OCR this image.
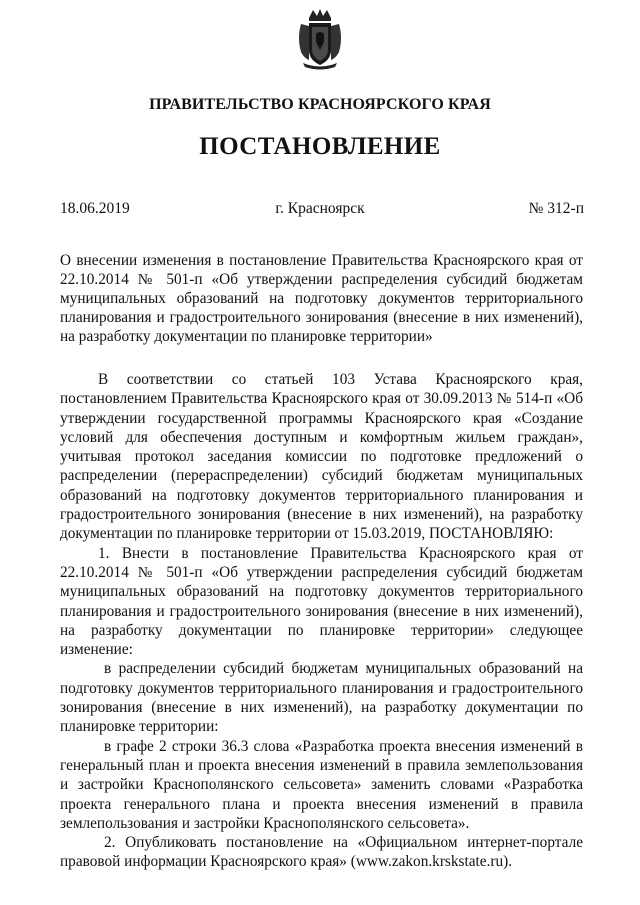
ПРАВИТЕЛЬСТВО КРАСНОЯРСКОГО КРАЯ
ПОСТАНОВЛЕНИЕ
18.06.2019	г. Красноярск	№ 312-п
О внесении изменения в постановление Правительства Красноярского края от 22.10.2014 № 501-п «Об утверждении распределения субсидий бюджетам муниципальных образований на подготовку документов территориального планирования и градостроительного зонирования (внесение в них изменений), на разработку документации по планировке территории»

В соответствии со статьей 103 Устава Красноярского края, постановлением Правительства Красноярского края от 30.09.2013 № 514-п «Об утверждении государственной программы Красноярского края «Создание условий для обеспечения доступным и комфортным жильем граждан», учитывая протокол заседания комиссии по подготовке предложений о распределении (перераспределении) субсидий бюджетам муниципальных образований на подготовку документов территориального планирования и градостроительного зонирования (внесение в них изменений), на разработку документации по планировке территории от 15.03.2019, ПОСТАНОВЛЯЮ:

1. Внести в постановление Правительства Красноярского края от 22.10.2014 № 501-п «Об утверждении распределения субсидий бюджетам муниципальных образований на подготовку документов территориального планирования и градостроительного зонирования (внесение в них изменений), на разработку документации по планировке территории» следующее изменение:

в распределении субсидий бюджетам муниципальных образований на подготовку документов территориального планирования и градостроительного зонирования (внесение в них изменений), на разработку документации по планировке территории:

в графе 2 строки 36.3 слова «Разработка проекта внесения изменений в генеральный план и проекта внесения изменений в правила землепользования и застройки Краснополянского сельсовета» заменить словами «Разработка проекта генерального плана и проекта внесения изменений в правила землепользования и застройки Краснополянского сельсовета».

2. Опубликовать постановление на «Официальном интернет-портале правовой информации Красноярского края» (www.zakon.krskstate.ru).
